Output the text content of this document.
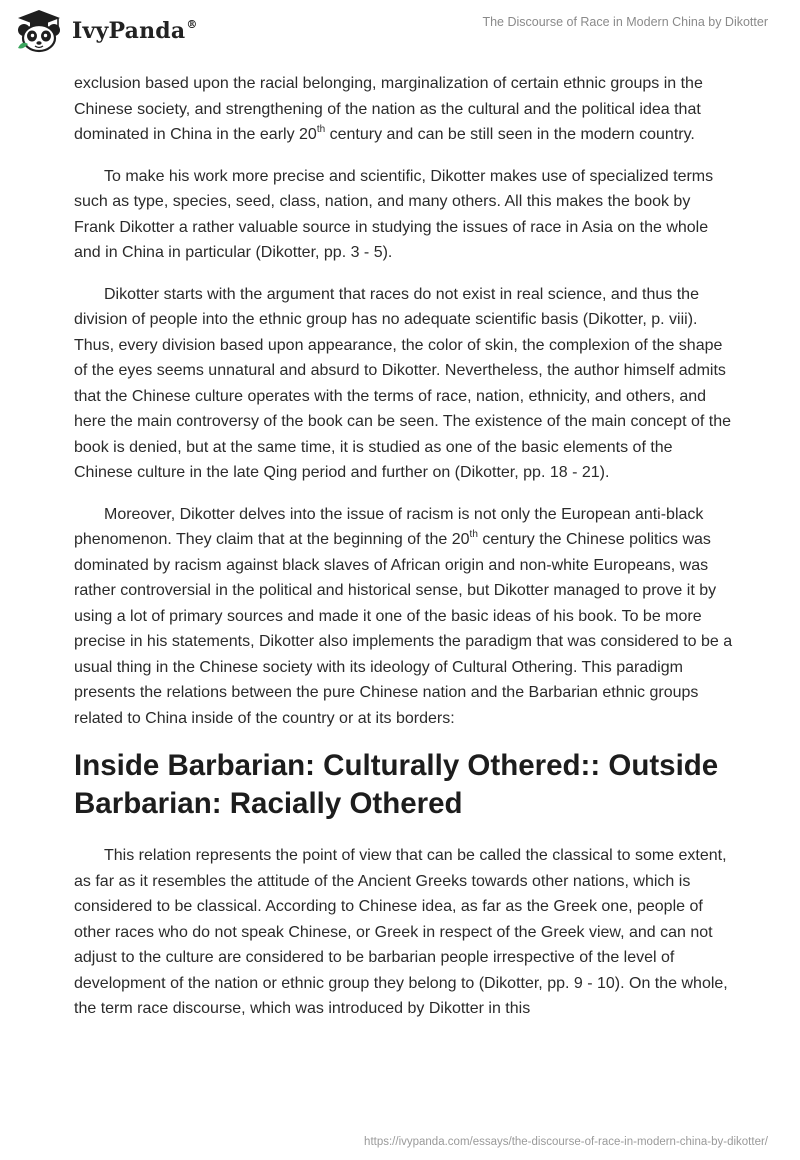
IvyPanda®	The Discourse of Race in Modern China by Dikotter

exclusion based upon the racial belonging, marginalization of certain ethnic groups in the Chinese society, and strengthening of the nation as the cultural and the political idea that dominated in China in the early 20th century and can be still seen in the modern country.

To make his work more precise and scientific, Dikotter makes use of specialized terms such as type, species, seed, class, nation, and many others. All this makes the book by Frank Dikotter a rather valuable source in studying the issues of race in Asia on the whole and in China in particular (Dikotter, pp. 3 - 5).

Dikotter starts with the argument that races do not exist in real science, and thus the division of people into the ethnic group has no adequate scientific basis (Dikotter, p. viii). Thus, every division based upon appearance, the color of skin, the complexion of the shape of the eyes seems unnatural and absurd to Dikotter. Nevertheless, the author himself admits that the Chinese culture operates with the terms of race, nation, ethnicity, and others, and here the main controversy of the book can be seen. The existence of the main concept of the book is denied, but at the same time, it is studied as one of the basic elements of the Chinese culture in the late Qing period and further on (Dikotter, pp. 18 - 21).

Moreover, Dikotter delves into the issue of racism is not only the European anti-black phenomenon. They claim that at the beginning of the 20th century the Chinese politics was dominated by racism against black slaves of African origin and non-white Europeans, was rather controversial in the political and historical sense, but Dikotter managed to prove it by using a lot of primary sources and made it one of the basic ideas of his book. To be more precise in his statements, Dikotter also implements the paradigm that was considered to be a usual thing in the Chinese society with its ideology of Cultural Othering. This paradigm presents the relations between the pure Chinese nation and the Barbarian ethnic groups related to China inside of the country or at its borders:

Inside Barbarian: Culturally Othered:: Outside Barbarian: Racially Othered

This relation represents the point of view that can be called the classical to some extent, as far as it resembles the attitude of the Ancient Greeks towards other nations, which is considered to be classical. According to Chinese idea, as far as the Greek one, people of other races who do not speak Chinese, or Greek in respect of the Greek view, and can not adjust to the culture are considered to be barbarian people irrespective of the level of development of the nation or ethnic group they belong to (Dikotter, pp. 9 - 10). On the whole, the term race discourse, which was introduced by Dikotter in this

https://ivypanda.com/essays/the-discourse-of-race-in-modern-china-by-dikotter/
